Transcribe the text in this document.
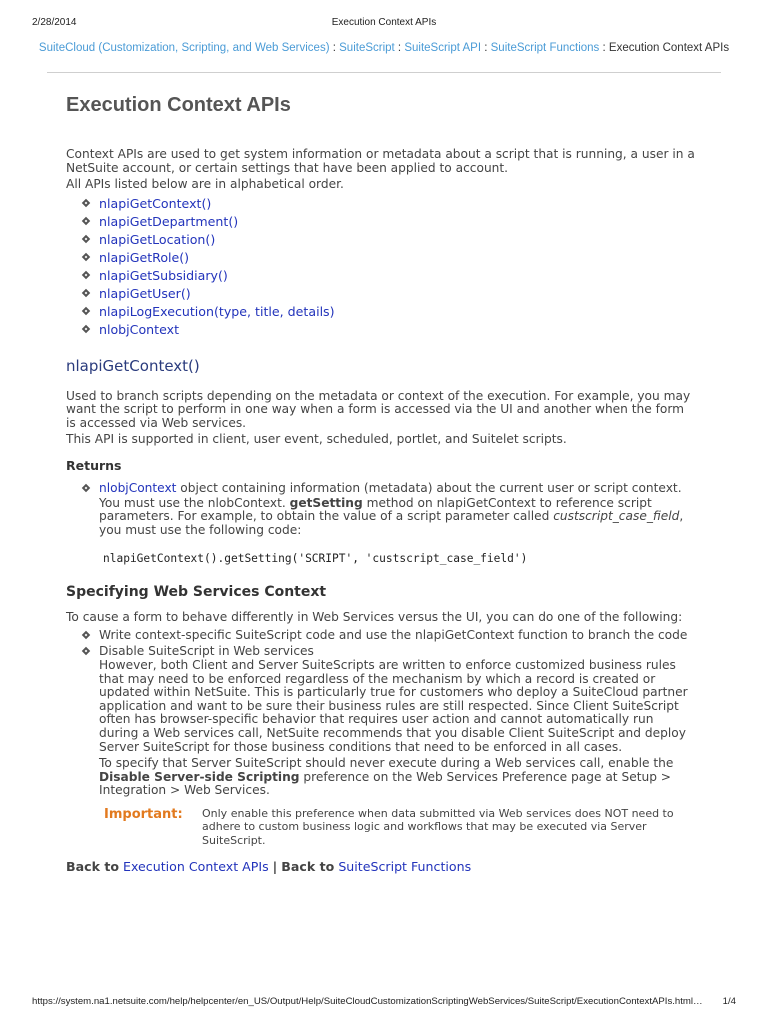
2/28/2014	Execution Context APIs
SuiteCloud (Customization, Scripting, and Web Services) : SuiteScript : SuiteScript API : SuiteScript Functions : Execution Context APIs
Execution Context APIs

Context APIs are used to get system information or metadata about a script that is running, a user in a NetSuite account, or certain settings that have been applied to account.

All APIs listed below are in alphabetical order.

nlapiGetContext()
nlapiGetDepartment()
nlapiGetLocation()
nlapiGetRole()
nlapiGetSubsidiary()
nlapiGetUser()
nlapiLogExecution(type, title, details)
nlobjContext
nlapiGetContext()

Used to branch scripts depending on the metadata or context of the execution. For example, you may want the script to perform in one way when a form is accessed via the UI and another when the form is accessed via Web services.

This API is supported in client, user event, scheduled, portlet, and Suitelet scripts.

Returns

nlobjContext object containing information (metadata) about the current user or script context.

You must use the nlobContext. getSetting method on nlapiGetContext to reference script parameters. For example, to obtain the value of a script parameter called custscript_case_field, you must use the following code:

nlapiGetContext().getSetting('SCRIPT', 'custscript_case_field')
Specifying Web Services Context

To cause a form to behave differently in Web Services versus the UI, you can do one of the following:

Write context-specific SuiteScript code and use the nlapiGetContext function to branch the code

Disable SuiteScript in Web services

However, both Client and Server SuiteScripts are written to enforce customized business rules that may need to be enforced regardless of the mechanism by which a record is created or updated within NetSuite. This is particularly true for customers who deploy a SuiteCloud partner application and want to be sure their business rules are still respected. Since Client SuiteScript often has browser-specific behavior that requires user action and cannot automatically run during a Web services call, NetSuite recommends that you disable Client SuiteScript and deploy Server SuiteScript for those business conditions that need to be enforced in all cases.

To specify that Server SuiteScript should never execute during a Web services call, enable the Disable Server-side Scripting preference on the Web Services Preference page at Setup > Integration > Web Services.

Important: Only enable this preference when data submitted via Web services does NOT need to adhere to custom business logic and workflows that may be executed via Server SuiteScript.
Back to Execution Context APIs | Back to SuiteScript Functions
https://system.na1.netsuite.com/help/helpcenter/en_US/Output/Help/SuiteCloudCustomizationScriptingWebServices/SuiteScript/ExecutionContextAPIs.html… 1/4
